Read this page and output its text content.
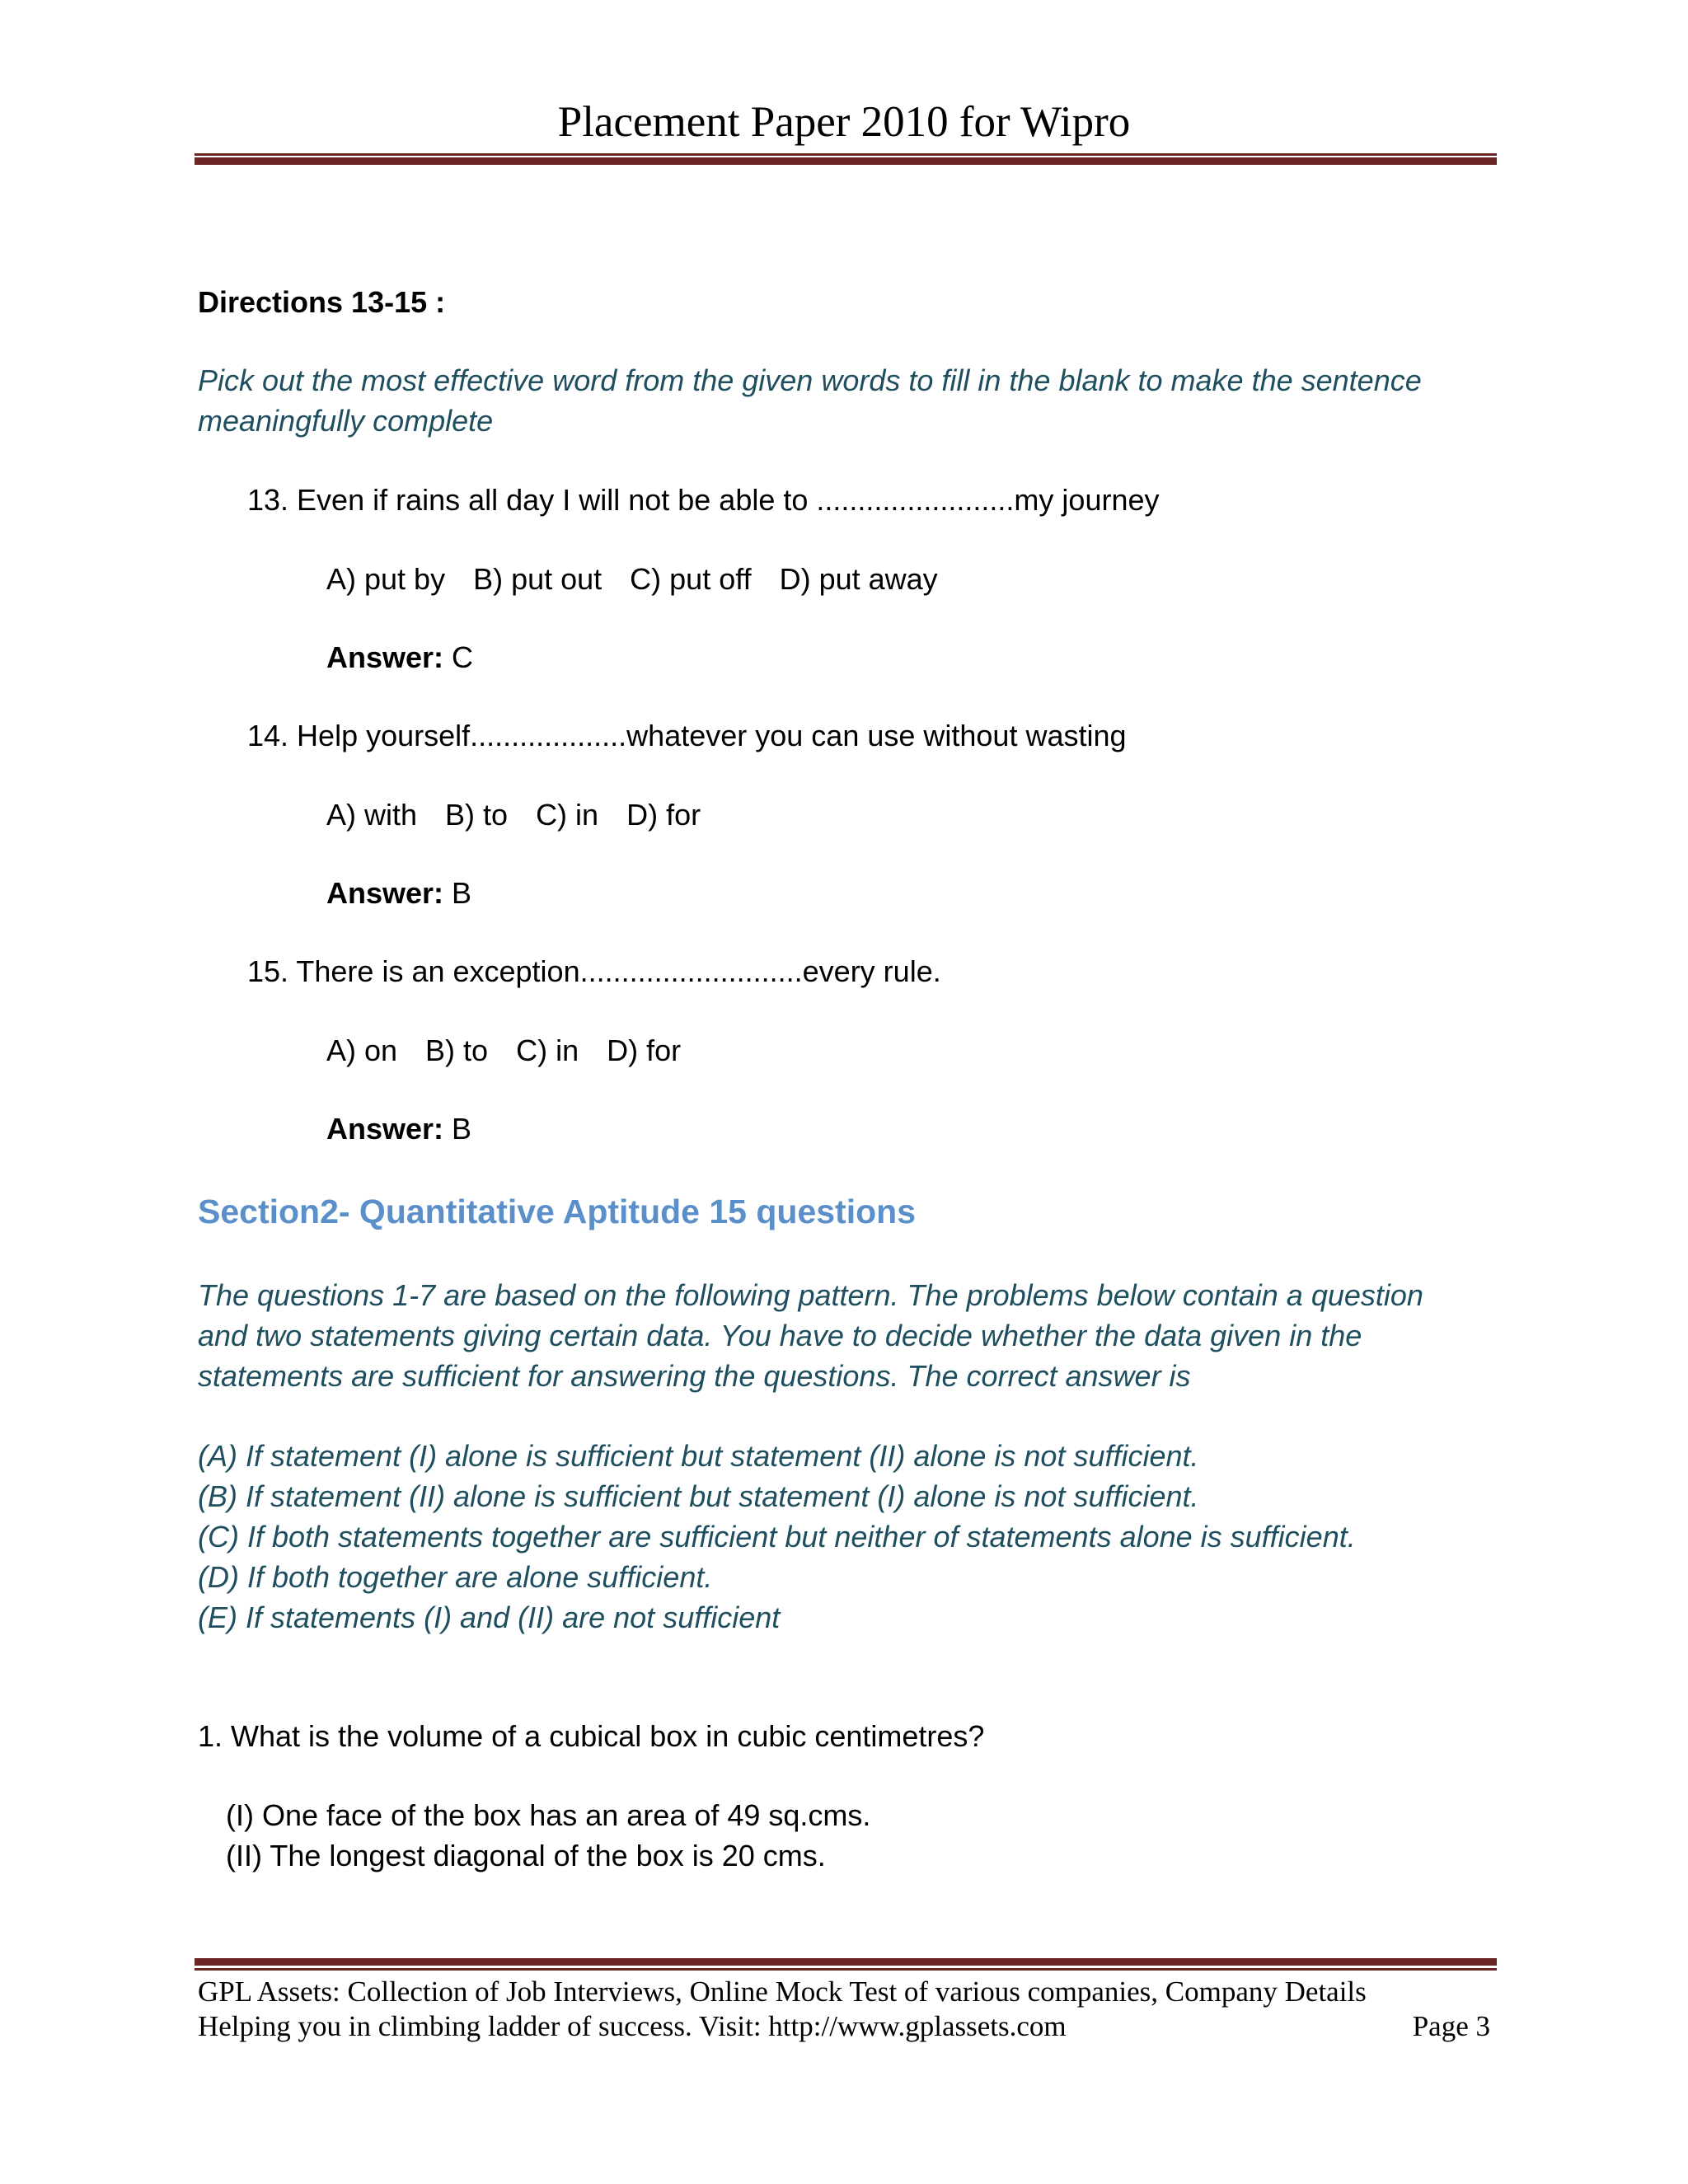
Placement Paper 2010 for Wipro
Directions 13-15 :
Pick out the most effective word from the given words to fill in the blank to make the sentence
meaningfully complete
13. Even if rains all day I will not be able to ........................my journey
A) put by B) put out C) put off D) put away
Answer: C
14. Help yourself...................whatever you can use without wasting
A) with B) to C) in D) for
Answer: B
15. There is an exception...........................every rule.
A) on B) to C) in D) for
Answer: B
Section2- Quantitative Aptitude 15 questions
The questions 1-7 are based on the following pattern. The problems below contain a question
and two statements giving certain data. You have to decide whether the data given in the
statements are sufficient for answering the questions. The correct answer is
(A) If statement (I) alone is sufficient but statement (II) alone is not sufficient.
(B) If statement (II) alone is sufficient but statement (I) alone is not sufficient.
(C) If both statements together are sufficient but neither of statements alone is sufficient.
(D) If both together are alone sufficient.
(E) If statements (I) and (II) are not sufficient
1. What is the volume of a cubical box in cubic centimetres?
(I) One face of the box has an area of 49 sq.cms.
(II) The longest diagonal of the box is 20 cms.
GPL Assets: Collection of Job Interviews, Online Mock Test of various companies, Company Details
Helping you in climbing ladder of success. Visit: http://www.gplassets.com	Page 3
